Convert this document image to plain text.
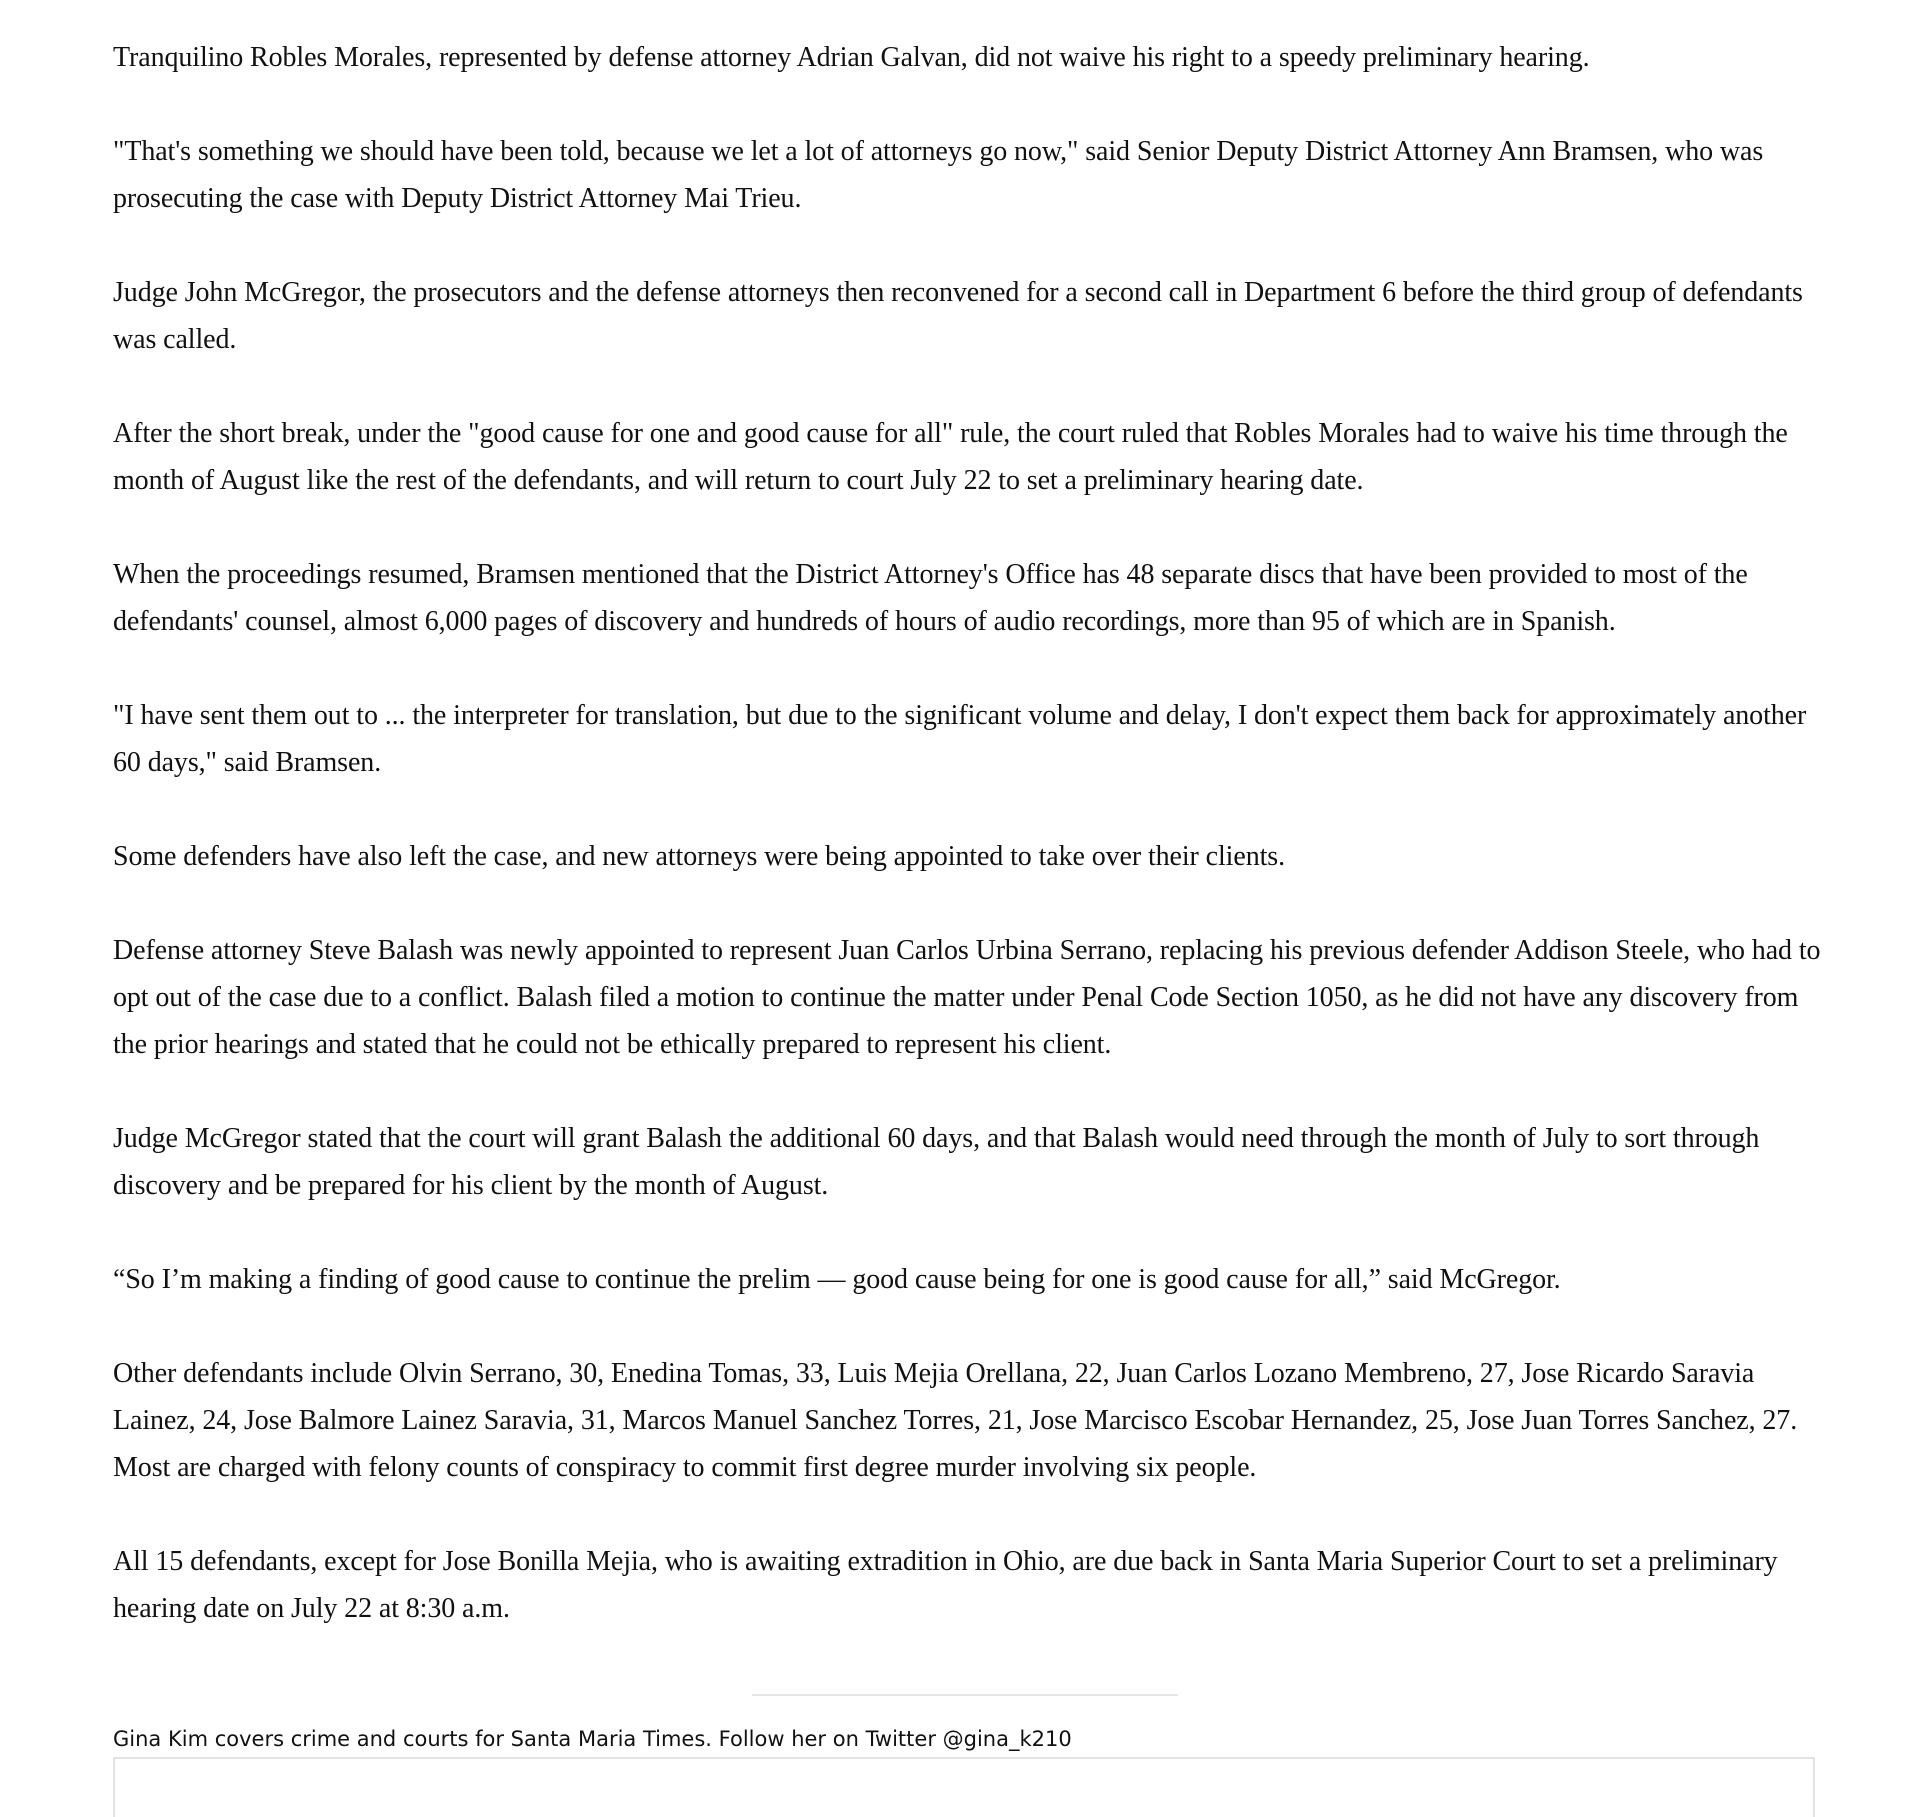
Tranquilino Robles Morales, represented by defense attorney Adrian Galvan, did not waive his right to a speedy preliminary hearing.

"That's something we should have been told, because we let a lot of attorneys go now," said Senior Deputy District Attorney Ann Bramsen, who was prosecuting the case with Deputy District Attorney Mai Trieu.

Judge John McGregor, the prosecutors and the defense attorneys then reconvened for a second call in Department 6 before the third group of defendants was called.

After the short break, under the "good cause for one and good cause for all" rule, the court ruled that Robles Morales had to waive his time through the month of August like the rest of the defendants, and will return to court July 22 to set a preliminary hearing date.

When the proceedings resumed, Bramsen mentioned that the District Attorney's Office has 48 separate discs that have been provided to most of the defendants' counsel, almost 6,000 pages of discovery and hundreds of hours of audio recordings, more than 95 of which are in Spanish.

"I have sent them out to ... the interpreter for translation, but due to the significant volume and delay, I don't expect them back for approximately another 60 days," said Bramsen.

Some defenders have also left the case, and new attorneys were being appointed to take over their clients.

Defense attorney Steve Balash was newly appointed to represent Juan Carlos Urbina Serrano, replacing his previous defender Addison Steele, who had to opt out of the case due to a conflict. Balash filed a motion to continue the matter under Penal Code Section 1050, as he did not have any discovery from the prior hearings and stated that he could not be ethically prepared to represent his client.

Judge McGregor stated that the court will grant Balash the additional 60 days, and that Balash would need through the month of July to sort through discovery and be prepared for his client by the month of August.

“So I’m making a finding of good cause to continue the prelim — good cause being for one is good cause for all,” said McGregor.

Other defendants include Olvin Serrano, 30, Enedina Tomas, 33, Luis Mejia Orellana, 22, Juan Carlos Lozano Membreno, 27, Jose Ricardo Saravia Lainez, 24, Jose Balmore Lainez Saravia, 31, Marcos Manuel Sanchez Torres, 21, Jose Marcisco Escobar Hernandez, 25, Jose Juan Torres Sanchez, 27. Most are charged with felony counts of conspiracy to commit first degree murder involving six people.

All 15 defendants, except for Jose Bonilla Mejia, who is awaiting extradition in Ohio, are due back in Santa Maria Superior Court to set a preliminary hearing date on July 22 at 8:30 a.m.

Gina Kim covers crime and courts for Santa Maria Times. Follow her on Twitter @gina_k210
